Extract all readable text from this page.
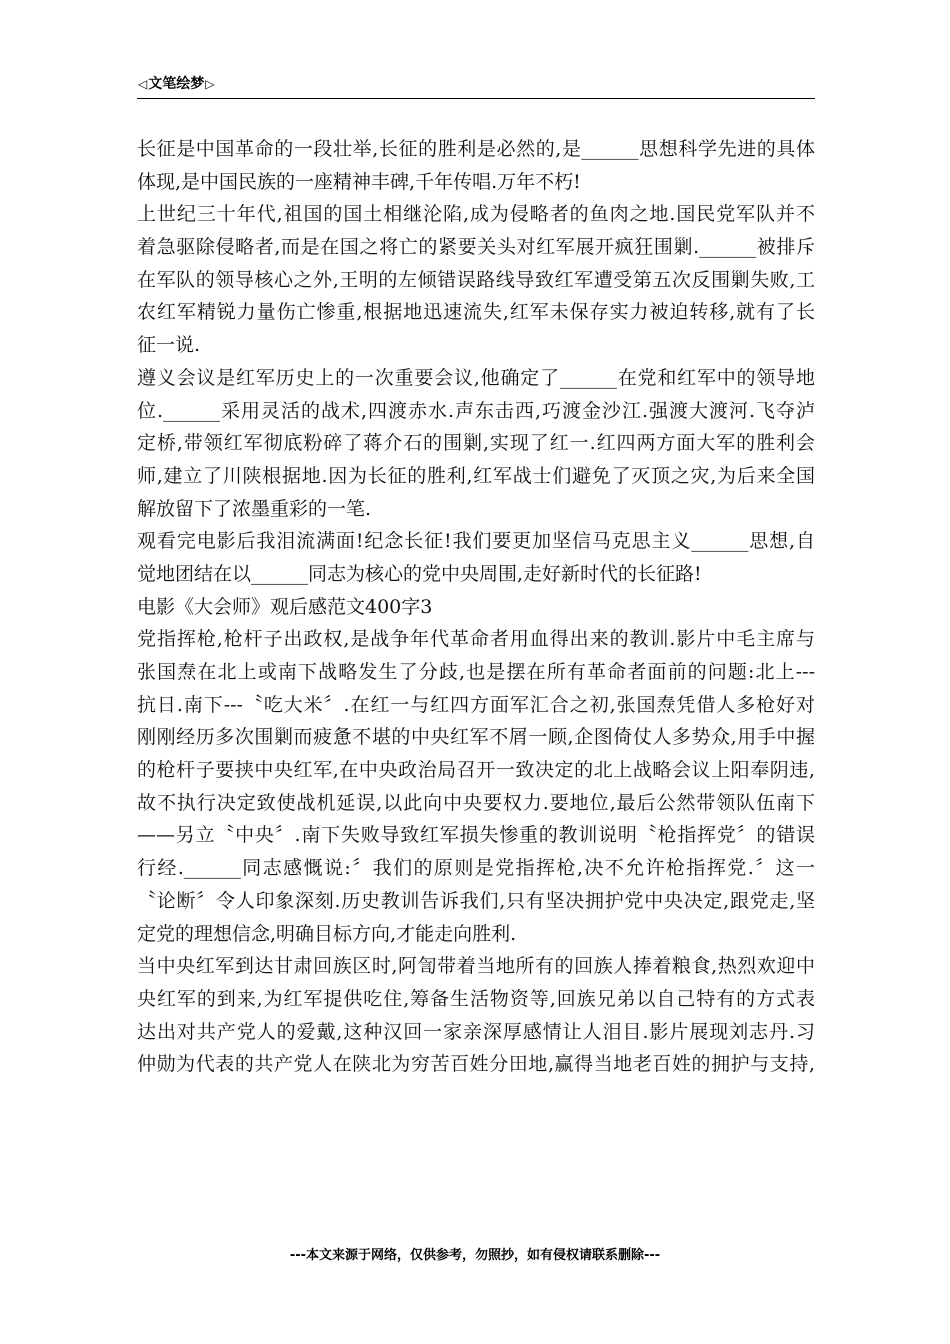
◁ 文笔绘梦 ▷
长征是中国革命的一段壮举,长征的胜利是必然的,是______思想科学先进的具体
体现,是中国民族的一座精神丰碑,千年传唱.万年不朽!
上世纪三十年代,祖国的国土相继沦陷,成为侵略者的鱼肉之地.国民党军队并不
着急驱除侵略者,而是在国之将亡的紧要关头对红军展开疯狂围剿.______被排斥
在军队的领导核心之外,王明的左倾错误路线导致红军遭受第五次反围剿失败,工
农红军精锐力量伤亡惨重,根据地迅速流失,红军未保存实力被迫转移,就有了长
征一说.
遵义会议是红军历史上的一次重要会议,他确定了______在党和红军中的领导地
位.______采用灵活的战术,四渡赤水.声东击西,巧渡金沙江.强渡大渡河.飞夺泸
定桥,带领红军彻底粉碎了蒋介石的围剿,实现了红一.红四两方面大军的胜利会
师,建立了川陕根据地.因为长征的胜利,红军战士们避免了灭顶之灾,为后来全国
解放留下了浓墨重彩的一笔.
观看完电影后我泪流满面!纪念长征!我们要更加坚信马克思主义______思想,自
觉地团结在以______同志为核心的党中央周围,走好新时代的长征路!
电影《大会师》观后感范文400字3
党指挥枪,枪杆子出政权,是战争年代革命者用血得出来的教训.影片中毛主席与
张国焘在北上或南下战略发生了分歧,也是摆在所有革命者面前的问题:北上---
抗日.南下---〝吃大米〞.在红一与红四方面军汇合之初,张国焘凭借人多枪好对
刚刚经历多次围剿而疲惫不堪的中央红军不屑一顾,企图倚仗人多势众,用手中握
的枪杆子要挟中央红军,在中央政治局召开一致决定的北上战略会议上阳奉阴违,
故不执行决定致使战机延误,以此向中央要权力.要地位,最后公然带领队伍南下
——另立〝中央〞.南下失败导致红军损失惨重的教训说明〝枪指挥党〞的错误
行经.______同志感慨说:〞我们的原则是党指挥枪,决不允许枪指挥党.〞这一
〝论断〞令人印象深刻.历史教训告诉我们,只有坚决拥护党中央决定,跟党走,坚
定党的理想信念,明确目标方向,才能走向胜利.
当中央红军到达甘肃回族区时,阿訇带着当地所有的回族人捧着粮食,热烈欢迎中
央红军的到来,为红军提供吃住,筹备生活物资等,回族兄弟以自己特有的方式表
达出对共产党人的爱戴,这种汉回一家亲深厚感情让人泪目.影片展现刘志丹.习
仲勋为代表的共产党人在陕北为穷苦百姓分田地,赢得当地老百姓的拥护与支持,
---本文来源于网络，仅供参考，勿照抄，如有侵权请联系删除---
